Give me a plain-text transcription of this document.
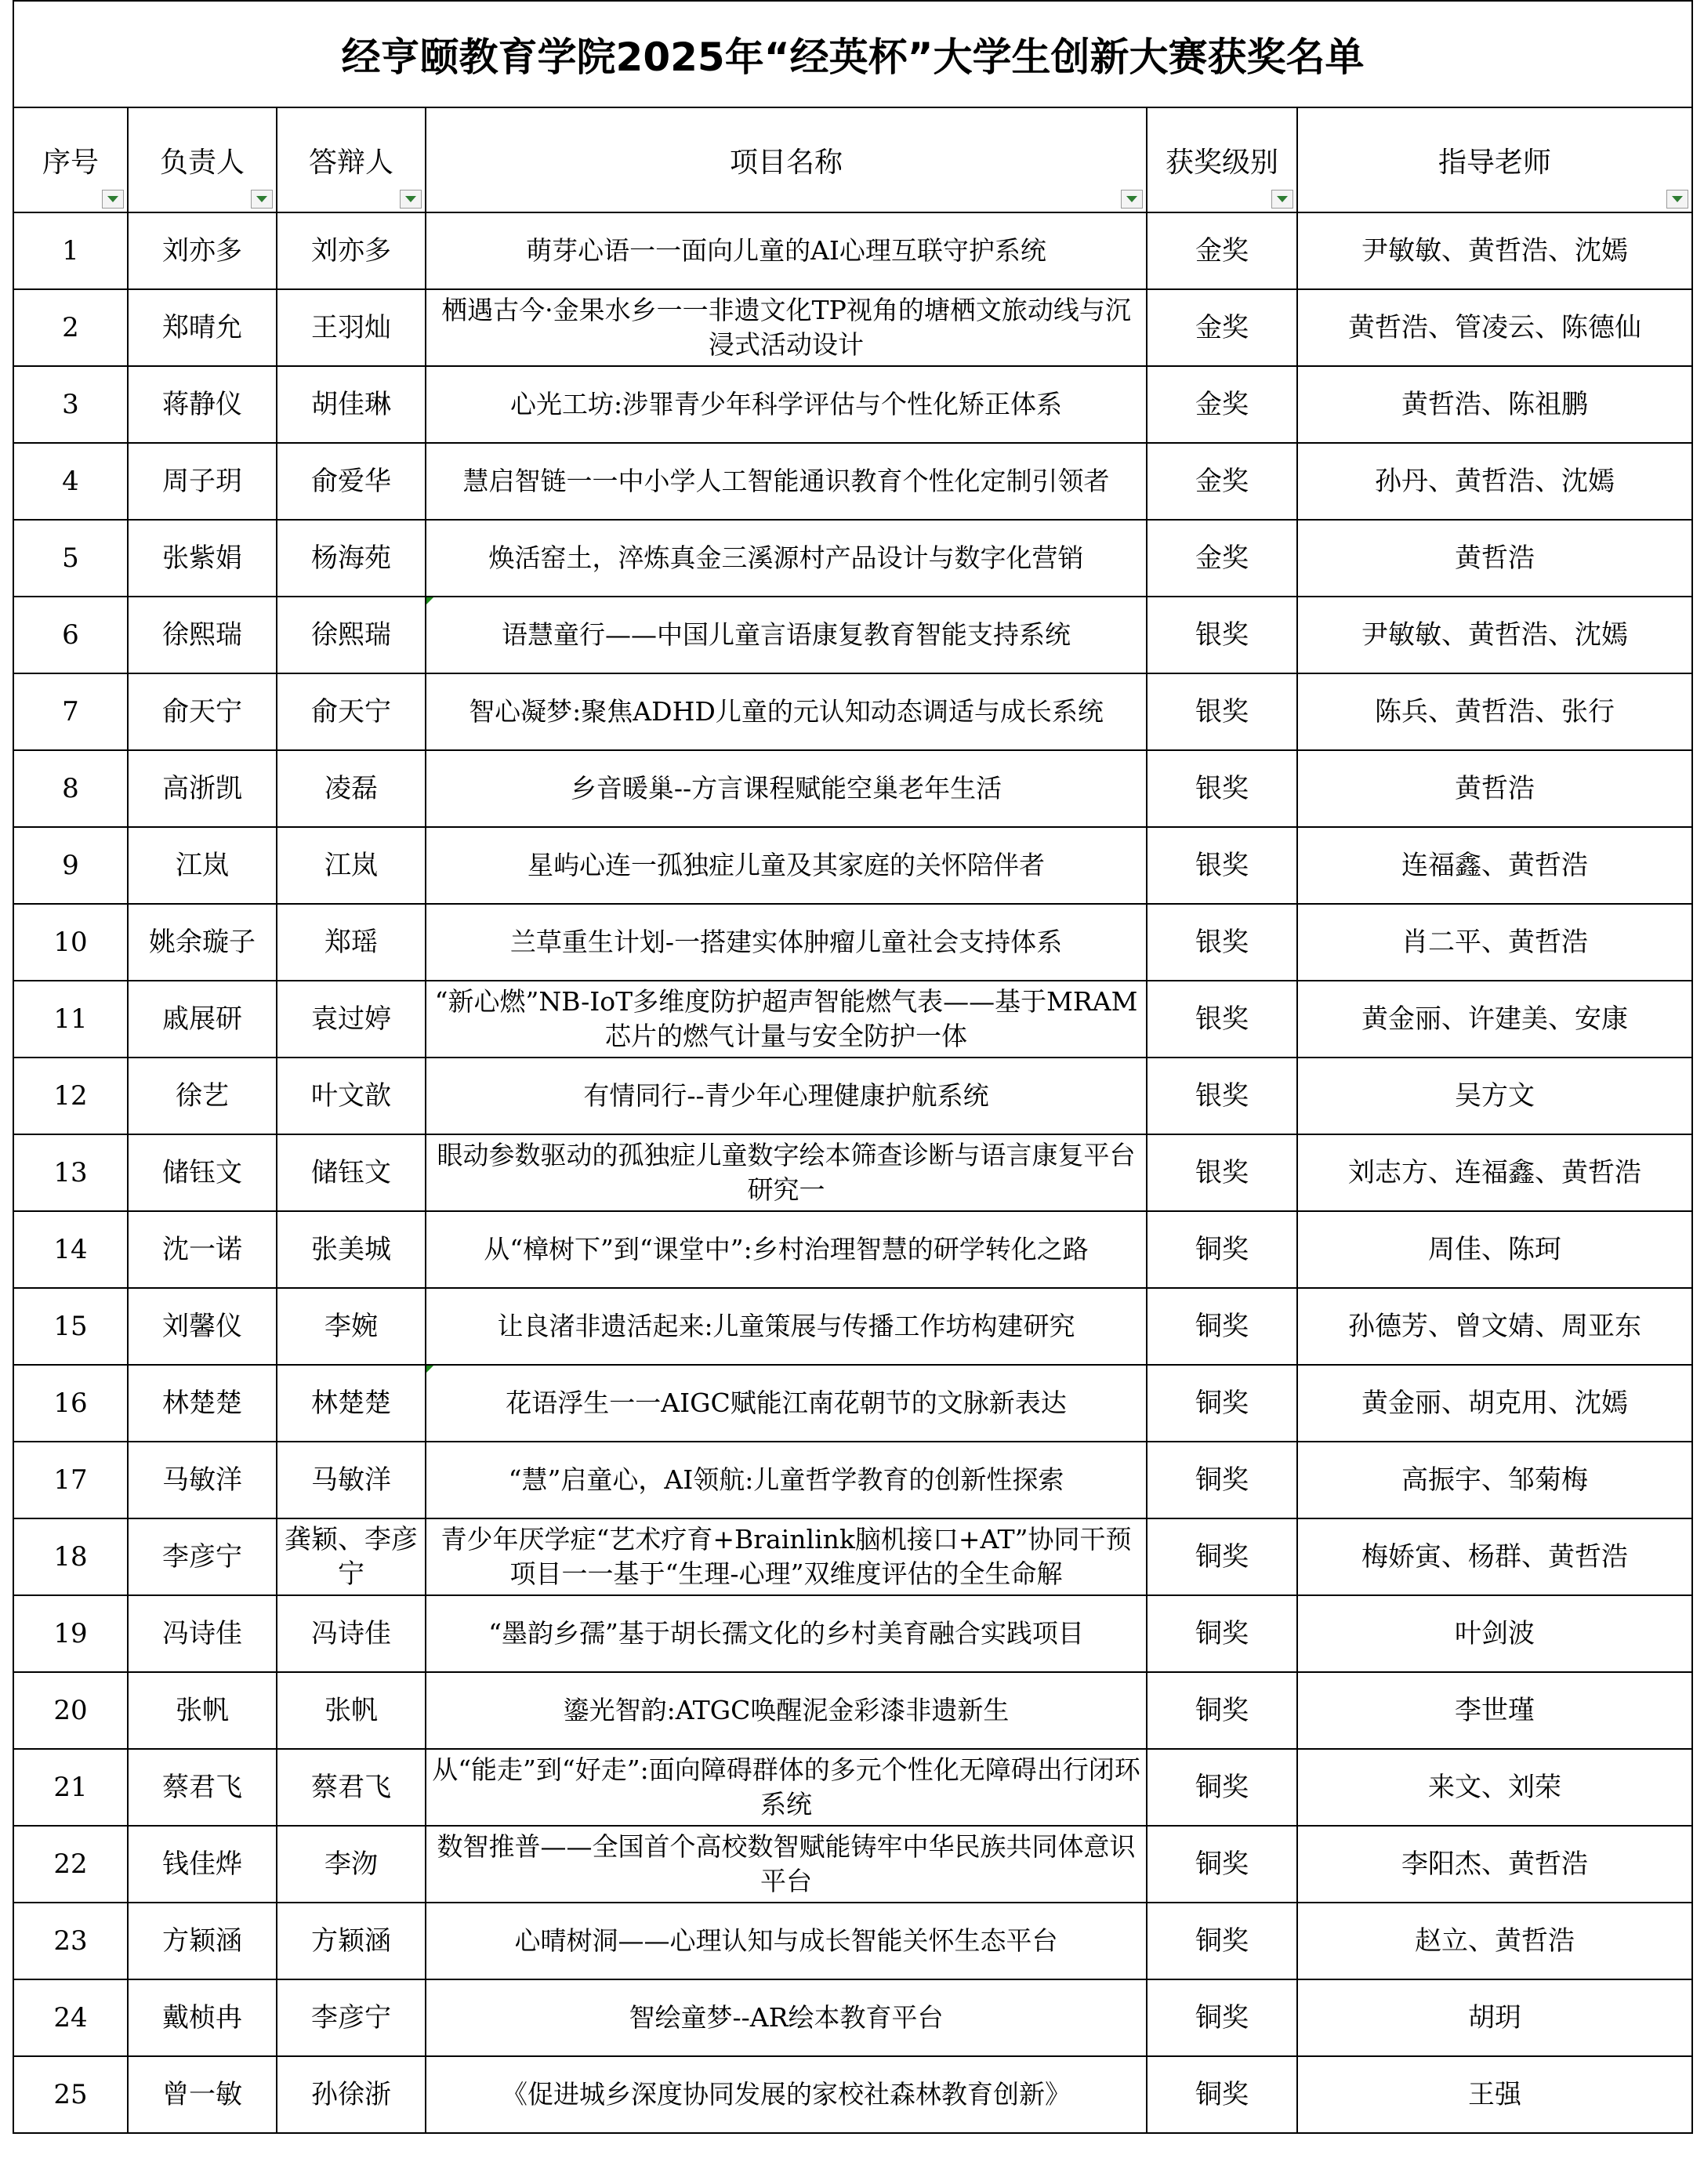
经亨颐教育学院2025年“经英杯”大学生创新大赛获奖名单					
序号	负责人	答辩人	项目名称	获奖级别	指导老师

1	刘亦多	刘亦多	萌芽心语一一面向儿童的AI心理互联守护系统	金奖	尹敏敏、黄哲浩、沈嫣
2	郑晴允	王羽灿	栖遇古今·金果水乡一一非遗文化TP视角的塘栖文旅动线与沉浸式活动设计	金奖	黄哲浩、管凌云、陈德仙
3	蒋静仪	胡佳琳	心光工坊:涉罪青少年科学评估与个性化矫正体系	金奖	黄哲浩、陈祖鹏
4	周子玥	俞爱华	慧启智链一一中小学人工智能通识教育个性化定制引领者	金奖	孙丹、黄哲浩、沈嫣
5	张紫娟	杨海苑	焕活窑土，淬炼真金三溪源村产品设计与数字化营销	金奖	黄哲浩
6	徐熙瑞	徐熙瑞	语慧童行——中国儿童言语康复教育智能支持系统	银奖	尹敏敏、黄哲浩、沈嫣
7	俞天宁	俞天宁	智心凝梦:聚焦ADHD儿童的元认知动态调适与成长系统	银奖	陈兵、黄哲浩、张行
8	高浙凯	凌磊	乡音暖巢--方言课程赋能空巢老年生活	银奖	黄哲浩
9	江岚	江岚	星屿心连一孤独症儿童及其家庭的关怀陪伴者	银奖	连福鑫、黄哲浩
10	姚余璇子	郑瑶	兰草重生计划-一搭建实体肿瘤儿童社会支持体系	银奖	肖二平、黄哲浩
11	戚展研	袁过婷	“新心燃”NB-IoT多维度防护超声智能燃气表——基于MRAM芯片的燃气计量与安全防护一体	银奖	黄金丽、许建美、安康
12	徐艺	叶文歆	有情同行--青少年心理健康护航系统	银奖	吴方文
13	储钰文	储钰文	眼动参数驱动的孤独症儿童数字绘本筛查诊断与语言康复平台研究一	银奖	刘志方、连福鑫、黄哲浩
14	沈一诺	张美城	从“樟树下”到“课堂中”:乡村治理智慧的研学转化之路	铜奖	周佳、陈珂
15	刘馨仪	李婉	让良渚非遗活起来:儿童策展与传播工作坊构建研究	铜奖	孙德芳、曾文婧、周亚东
16	林楚楚	林楚楚	花语浮生一一AIGC赋能江南花朝节的文脉新表达	铜奖	黄金丽、胡克用、沈嫣
17	马敏洋	马敏洋	“慧”启童心，AI领航:儿童哲学教育的创新性探索	铜奖	高振宇、邹菊梅
18	李彦宁	龚颖、李彦宁	青少年厌学症“艺术疗育+Brainlink脑机接口+AT”协同干预项目一一基于“生理-心理”双维度评估的全生命解	铜奖	梅娇寅、杨群、黄哲浩
19	冯诗佳	冯诗佳	“墨韵乡孺”基于胡长孺文化的乡村美育融合实践项目	铜奖	叶剑波
20	张帆	张帆	鎏光智韵:ATGC唤醒泥金彩漆非遗新生	铜奖	李世瑾
21	蔡君飞	蔡君飞	从“能走”到“好走”:面向障碍群体的多元个性化无障碍出行闭环系统	铜奖	来文、刘荣
22	钱佳烨	李沕	数智推普——全国首个高校数智赋能铸牢中华民族共同体意识平台	铜奖	李阳杰、黄哲浩
23	方颖涵	方颖涵	心晴树洞——心理认知与成长智能关怀生态平台	铜奖	赵立、黄哲浩
24	戴桢冉	李彦宁	智绘童梦--AR绘本教育平台	铜奖	胡玥
25	曾一敏	孙徐浙	《促进城乡深度协同发展的家校社森林教育创新》	铜奖	王强
